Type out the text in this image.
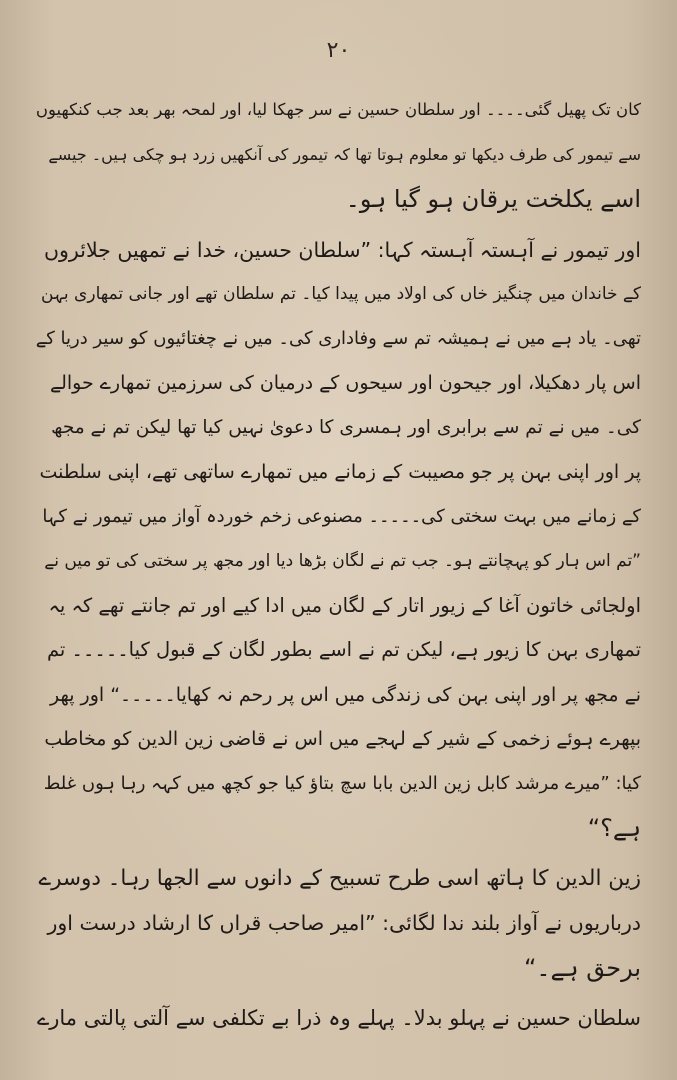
۲۰
کان تک پھیل گئی۔۔۔۔ اور سلطان حسین نے سر جھکا لیا، اور لمحہ بھر بعد جب کنکھیوں
سے تیمور کی طرف دیکھا تو معلوم ہوتا تھا کہ تیمور کی آنکھیں زرد ہو چکی ہیں۔ جیسے
اسے یکلخت یرقان ہو گیا ہو۔
اور تیمور نے آہستہ آہستہ کہا: ”سلطان حسین، خدا نے تمھیں جلائروں
کے خاندان میں چنگیز خاں کی اولاد میں پیدا کیا۔ تم سلطان تھے اور جانی تمھاری بہن
تھی۔ یاد ہے میں نے ہمیشہ تم سے وفاداری کی۔ میں نے چغتائیوں کو سیر دریا کے
اس پار دھکیلا، اور جیحون اور سیحوں کے درمیان کی سرزمین تمھارے حوالے
کی۔ میں نے تم سے برابری اور ہمسری کا دعویٰ نہیں کیا تھا لیکن تم نے مجھ
پر اور اپنی بہن پر جو مصیبت کے زمانے میں تمھارے ساتھی تھے، اپنی سلطنت
کے زمانے میں بہت سختی کی۔۔۔۔۔ مصنوعی زخم خوردہ آواز میں تیمور نے کہا
”تم اس ہار کو پہچانتے ہو۔ جب تم نے لگان بڑھا دیا اور مجھ پر سختی کی تو میں نے
اولجائی خاتون آغا کے زیور اتار کے لگان میں ادا کیے اور تم جانتے تھے کہ یہ
تمھاری بہن کا زیور ہے، لیکن تم نے اسے بطور لگان کے قبول کیا۔۔۔۔۔ تم
نے مجھ پر اور اپنی بہن کی زندگی میں اس پر رحم نہ کھایا۔۔۔۔۔“ اور پھر
بپھرے ہوئے زخمی کے شیر کے لہجے میں اس نے قاضی زین الدین کو مخاطب
کیا: ”میرے مرشد کابل زین الدین بابا سچ بتاؤ کیا جو کچھ میں کہہ رہا ہوں غلط
ہے؟“
زین الدین کا ہاتھ اسی طرح تسبیح کے دانوں سے الجھا رہا۔ دوسرے
درباریوں نے آواز بلند ندا لگائی: ”امیر صاحب قراں کا ارشاد درست اور
برحق ہے۔“
سلطان حسین نے پہلو بدلا۔ پہلے وہ ذرا بے تکلفی سے آلتی پالتی مارے
